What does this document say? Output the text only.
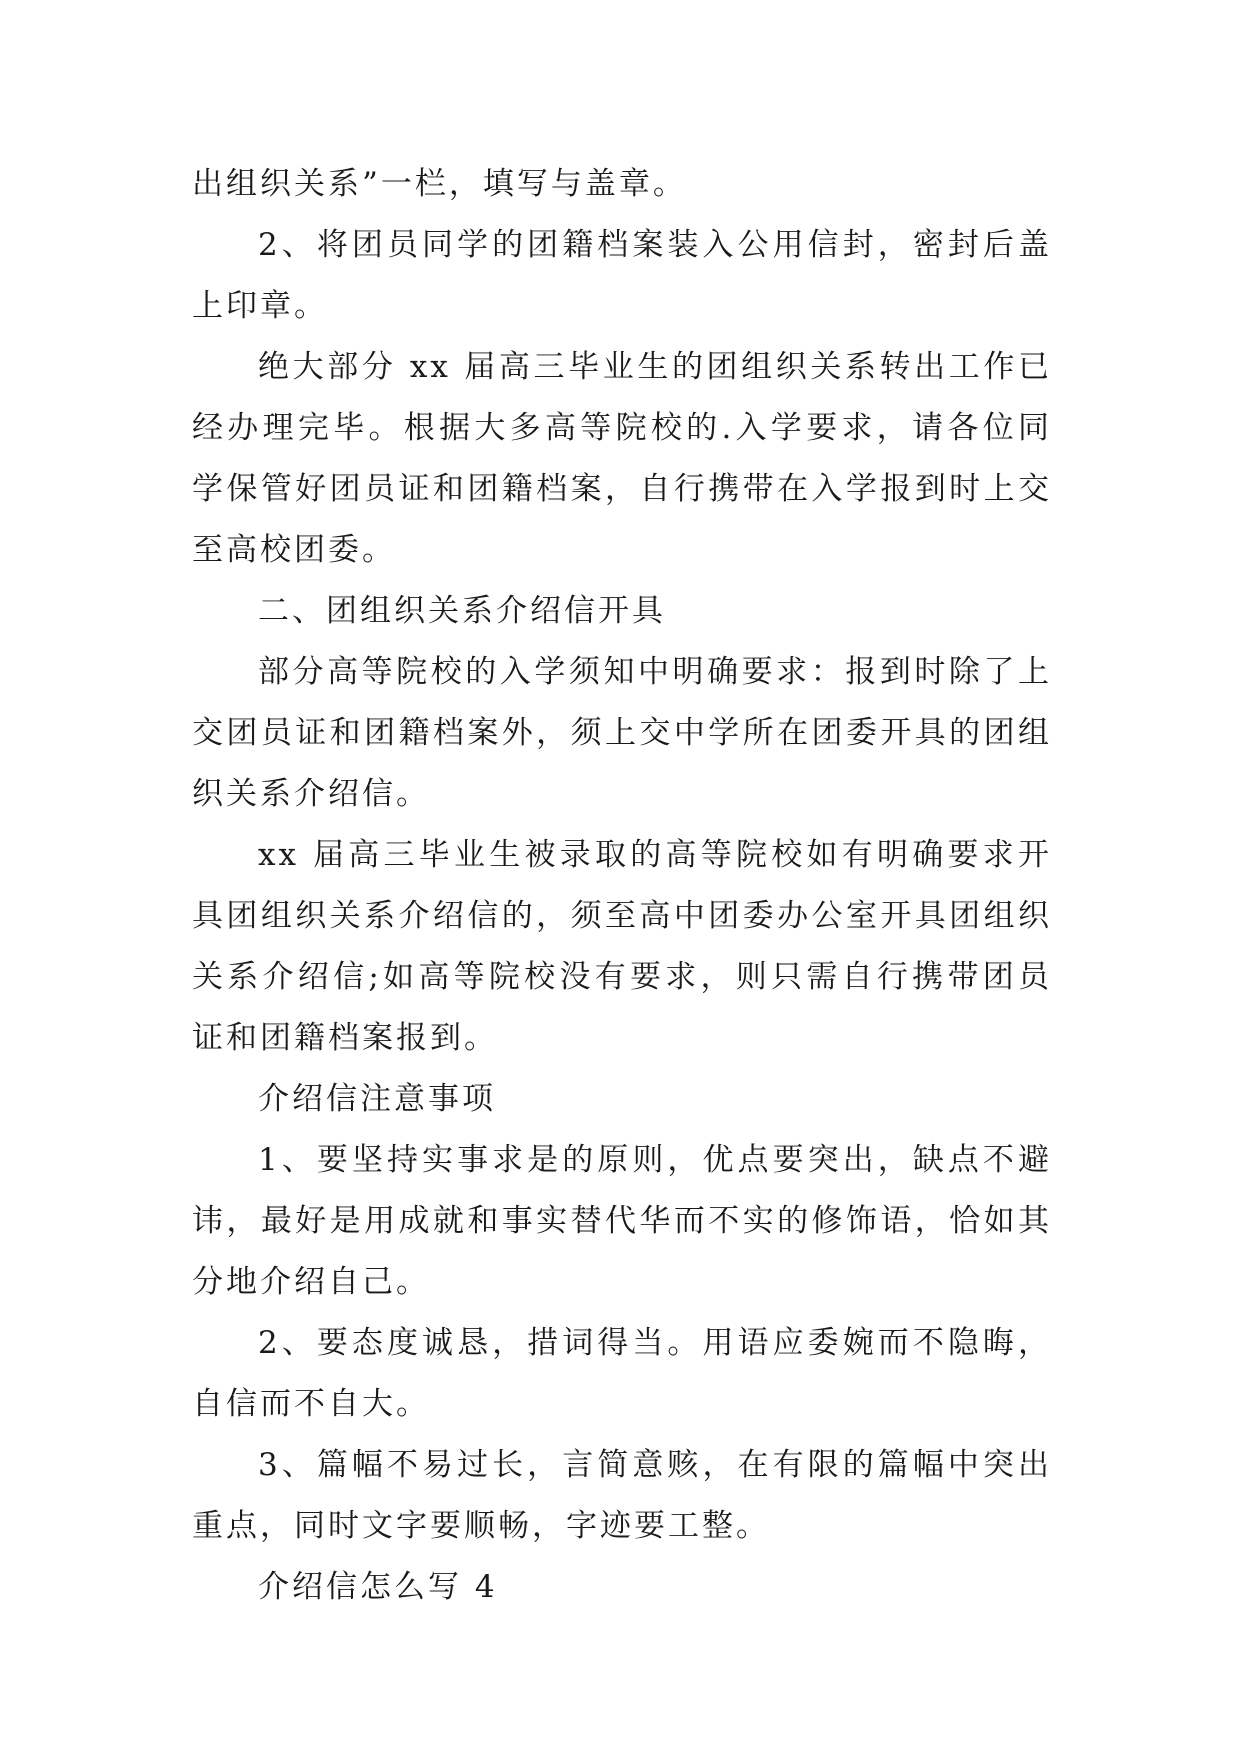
出组织关系”一栏，填写与盖章。

2、将团员同学的团籍档案装入公用信封，密封后盖上印章。

绝大部分 xx 届高三毕业生的团组织关系转出工作已经办理完毕。根据大多高等院校的.入学要求，请各位同学保管好团员证和团籍档案，自行携带在入学报到时上交至高校团委。

二、团组织关系介绍信开具

部分高等院校的入学须知中明确要求：报到时除了上交团员证和团籍档案外，须上交中学所在团委开具的团组织关系介绍信。

xx 届高三毕业生被录取的高等院校如有明确要求开具团组织关系介绍信的，须至高中团委办公室开具团组织关系介绍信;如高等院校没有要求，则只需自行携带团员证和团籍档案报到。

介绍信注意事项

1、要坚持实事求是的原则，优点要突出，缺点不避讳，最好是用成就和事实替代华而不实的修饰语，恰如其分地介绍自己。

2、要态度诚恳，措词得当。用语应委婉而不隐晦，自信而不自大。

3、篇幅不易过长，言简意赅，在有限的篇幅中突出重点，同时文字要顺畅，字迹要工整。

介绍信怎么写 4
